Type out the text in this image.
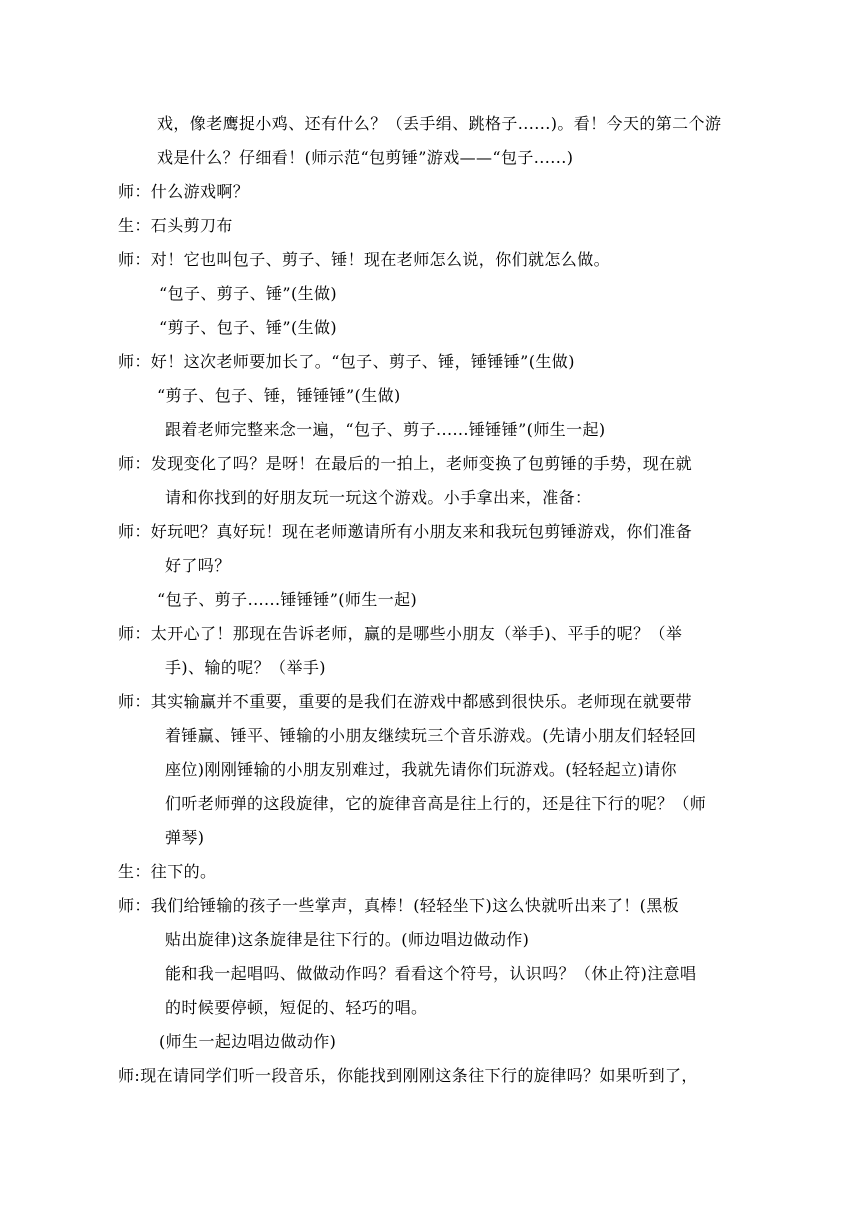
戏，像老鹰捉小鸡、还有什么？（丢手绢、跳格子......)。看！今天的第二个游
戏是什么？仔细看！(师示范“包剪锤”游戏——“包子......)
师：什么游戏啊？
生：石头剪刀布
师：对！它也叫包子、剪子、锤！现在老师怎么说，你们就怎么做。
“包子、剪子、锤”(生做)
“剪子、包子、锤”(生做)
师：好！这次老师要加长了。“包子、剪子、锤，锤锤锤”(生做)
“剪子、包子、锤，锤锤锤”(生做)
跟着老师完整来念一遍，“包子、剪子......锤锤锤”(师生一起)
师：发现变化了吗？是呀！在最后的一拍上，老师变换了包剪锤的手势，现在就
请和你找到的好朋友玩一玩这个游戏。小手拿出来，准备：
师：好玩吧？真好玩！现在老师邀请所有小朋友来和我玩包剪锤游戏，你们准备
好了吗？
“包子、剪子......锤锤锤”(师生一起)
师：太开心了！那现在告诉老师，赢的是哪些小朋友（举手)、平手的呢？（举
手)、输的呢？（举手)
师：其实输赢并不重要，重要的是我们在游戏中都感到很快乐。老师现在就要带
着锤赢、锤平、锤输的小朋友继续玩三个音乐游戏。(先请小朋友们轻轻回
座位)刚刚锤输的小朋友别难过，我就先请你们玩游戏。(轻轻起立)请你
们听老师弹的这段旋律，它的旋律音高是往上行的，还是往下行的呢？（师
弹琴)
生：往下的。
师：我们给锤输的孩子一些掌声，真棒！(轻轻坐下)这么快就听出来了！(黑板
贴出旋律)这条旋律是往下行的。(师边唱边做动作)
能和我一起唱吗、做做动作吗？看看这个符号，认识吗？（休止符)注意唱
的时候要停顿，短促的、轻巧的唱。
(师生一起边唱边做动作)
师:现在请同学们听一段音乐，你能找到刚刚这条往下行的旋律吗？如果听到了，
